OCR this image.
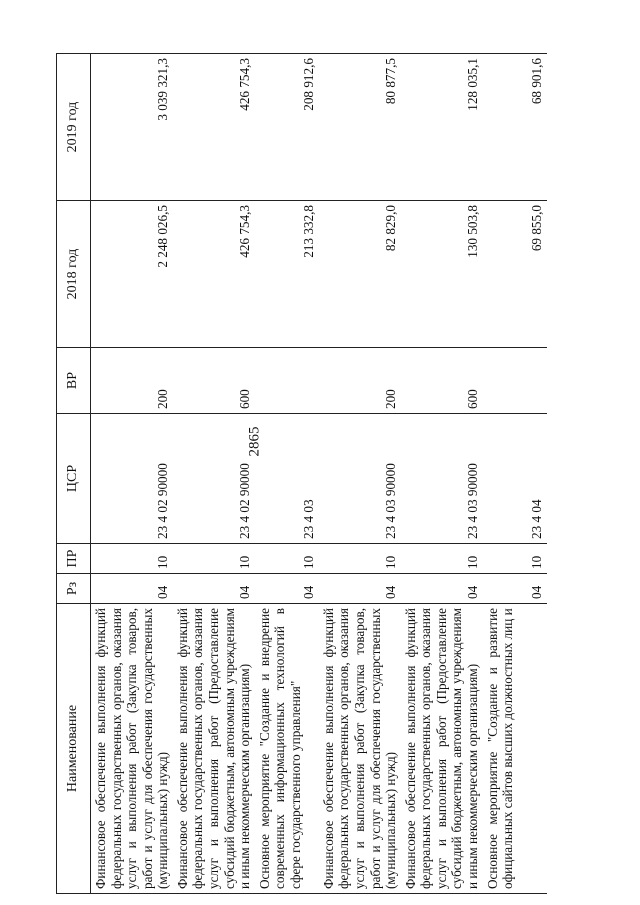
2865
Наименование	Рз	ПР	ЦСР	ВР	2018 год	2019 год
Финансовое обеспечение выполнения функций федеральных государственных органов, оказания услуг и выполнения работ (Закупка товаров, работ и услуг для обеспечения государственных (муниципальных) нужд)	04	10	23 4 02 90000	200	2 248 026,5	3 039 321,3
Финансовое обеспечение выполнения функций федеральных государственных органов, оказания услуг и выполнения работ (Предоставление субсидий бюджетным, автономным учреждениям и иным некоммерческим организациям)	04	10	23 4 02 90000	600	426 754,3	426 754,3
Основное мероприятие "Создание и внедрение современных информационных технологий в сфере государственного управления"	04	10	23 4 03		213 332,8	208 912,6
Финансовое обеспечение выполнения функций федеральных государственных органов, оказания услуг и выполнения работ (Закупка товаров, работ и услуг для обеспечения государственных (муниципальных) нужд)	04	10	23 4 03 90000	200	82 829,0	80 877,5
Финансовое обеспечение выполнения функций федеральных государственных органов, оказания услуг и выполнения работ (Предоставление субсидий бюджетным, автономным учреждениям и иным некоммерческим организациям)	04	10	23 4 03 90000	600	130 503,8	128 035,1
Основное мероприятие "Создание и развитие официальных сайтов высших должностных лиц и	04	10	23 4 04		69 855,0	68 901,6
